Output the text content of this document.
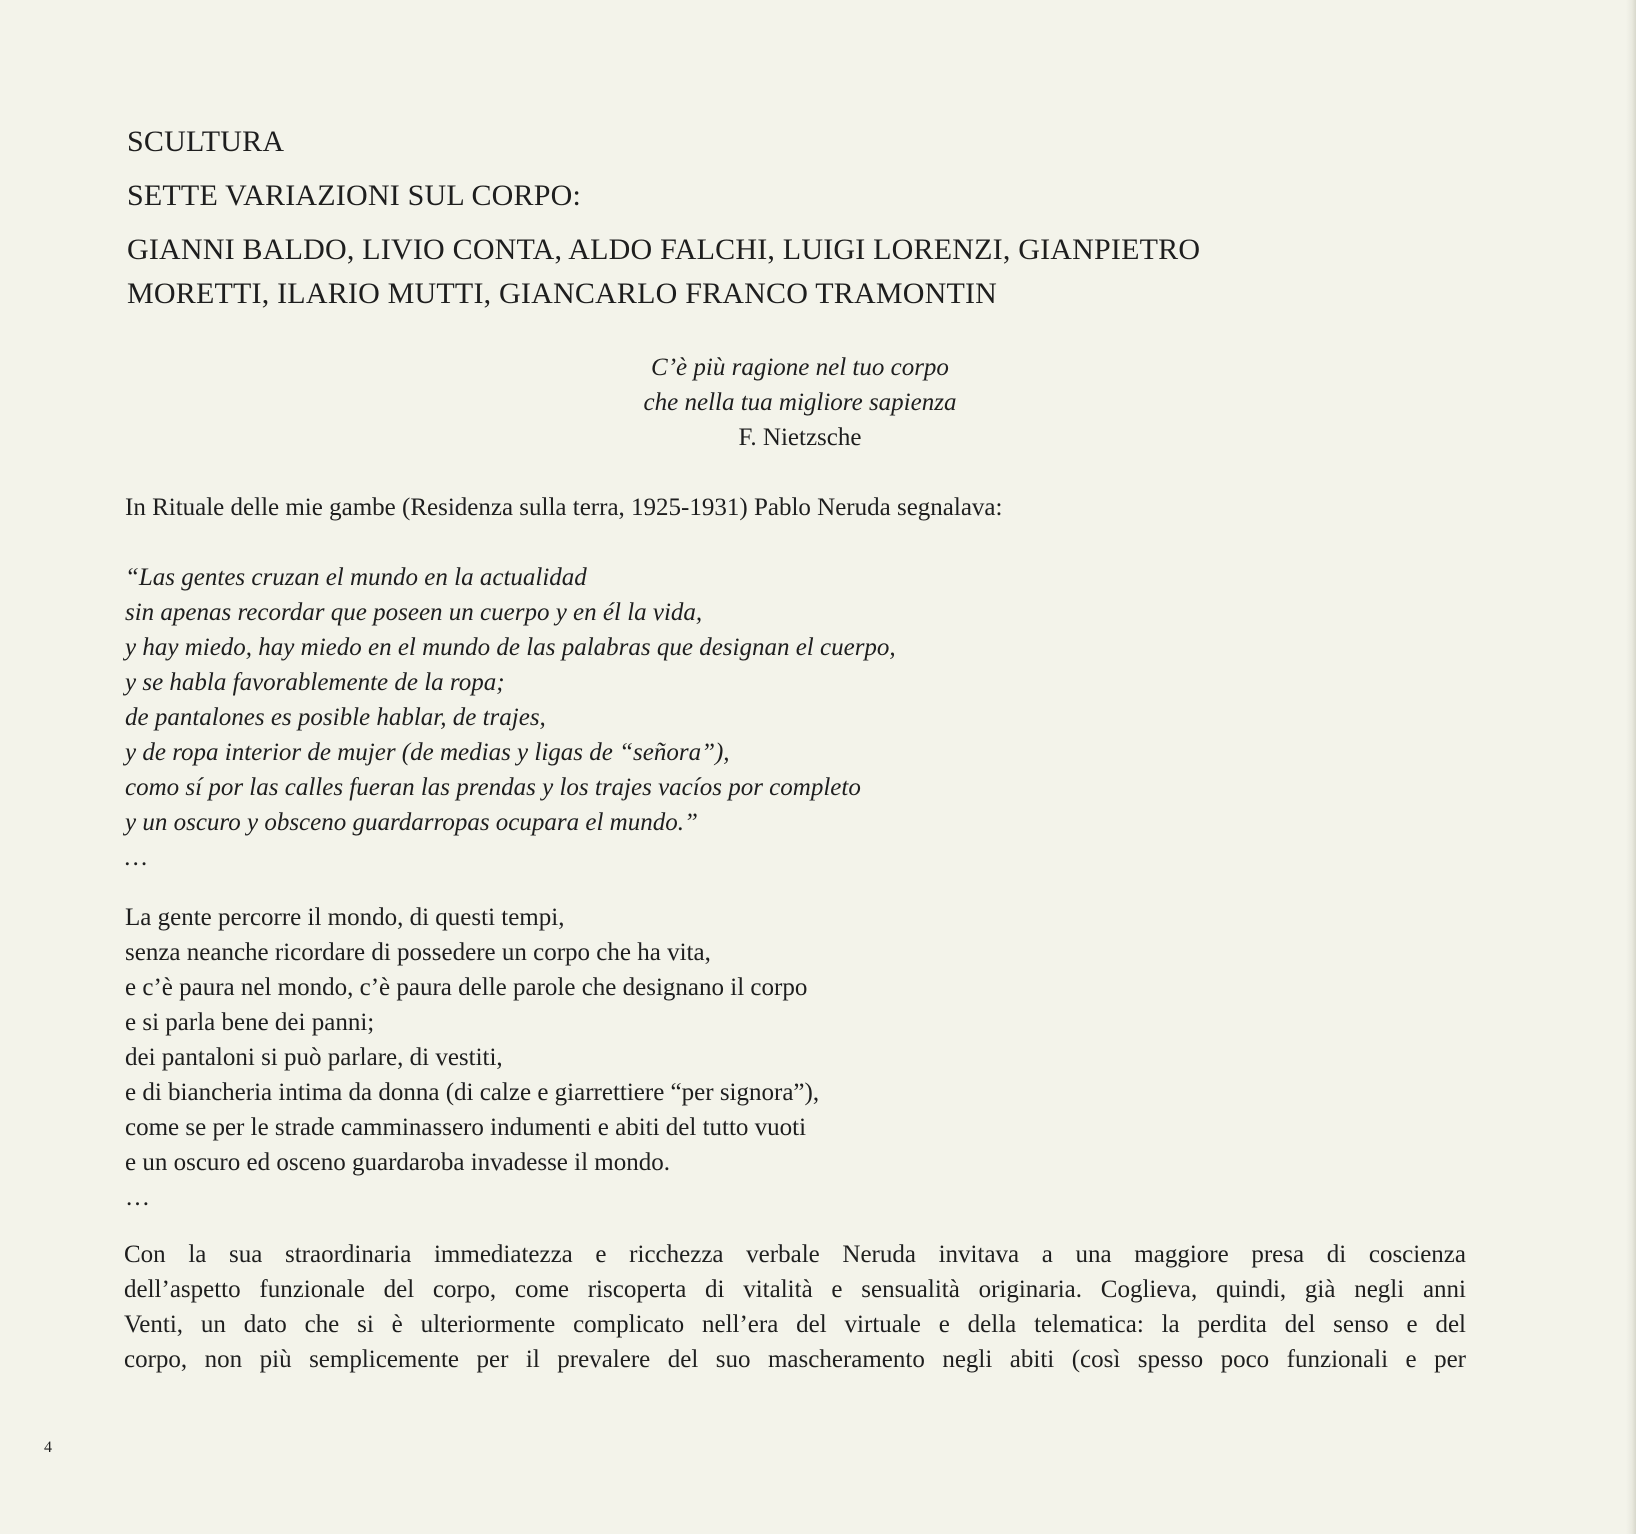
SCULTURA

SETTE VARIAZIONI SUL CORPO:

GIANNI BALDO, LIVIO CONTA, ALDO FALCHI, LUIGI LORENZI, GIANPIETRO

MORETTI, ILARIO MUTTI, GIANCARLO FRANCO TRAMONTIN

C’è più ragione nel tuo corpo
che nella tua migliore sapienza
F. Nietzsche
In Rituale delle mie gambe (Residenza sulla terra, 1925-1931) Pablo Neruda segnalava:
“Las gentes cruzan el mundo en la actualidad
sin apenas recordar que poseen un cuerpo y en él la vida,
y hay miedo, hay miedo en el mundo de las palabras que designan el cuerpo,
y se habla favorablemente de la ropa;
de pantalones es posible hablar, de trajes,
y de ropa interior de mujer (de medias y ligas de “señora”),
como sí por las calles fueran las prendas y los trajes vacíos por completo
y un oscuro y obsceno guardarropas ocupara el mundo.”
…
La gente percorre il mondo, di questi tempi,
senza neanche ricordare di possedere un corpo che ha vita,
e c’è paura nel mondo, c’è paura delle parole che designano il corpo
e si parla bene dei panni;
dei pantaloni si può parlare, di vestiti,
e di biancheria intima da donna (di calze e giarrettiere “per signora”),
come se per le strade camminassero indumenti e abiti del tutto vuoti
e un oscuro ed osceno guardaroba invadesse il mondo.
…
Con la sua straordinaria immediatezza e ricchezza verbale Neruda invitava a una maggiore presa di coscienza
dell’aspetto funzionale del corpo, come riscoperta di vitalità e sensualità originaria. Coglieva, quindi, già negli anni
Venti, un dato che si è ulteriormente complicato nell’era del virtuale e della telematica: la perdita del senso e del
corpo, non più semplicemente per il prevalere del suo mascheramento negli abiti (così spesso poco funzionali e per
4
